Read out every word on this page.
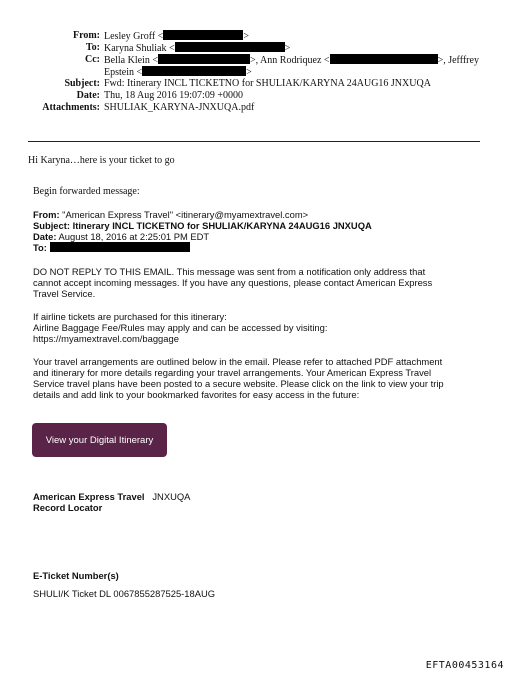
From: Lesley Groff <	>
To: Karyna Shuliak <	>
Cc: Bella Klein <	>, Ann Rodriquez <	>, Jefffrey
Epstein <	>
Subject: Fwd: Itinerary INCL TICKETNO for SHULIAK/KARYNA 24AUG16 JNXUQA
Date: Thu, 18 Aug 2016 19:07:09 +0000
Attachments: SHULIAK_KARYNA-JNXUQA.pdf
Hi Karyna…here is your ticket to go
Begin forwarded message:
From: "American Express Travel" <itinerary@myamextravel.com>
Subject: Itinerary INCL TICKETNO for SHULIAK/KARYNA 24AUG16 JNXUQA
Date: August 18, 2016 at 2:25:01 PM EDT
To:
DO NOT REPLY TO THIS EMAIL. This message was sent from a notification only address that
cannot accept incoming messages. If you have any questions, please contact American Express
Travel Service.
If airline tickets are purchased for this itinerary:
Airline Baggage Fee/Rules may apply and can be accessed by visiting:
https://myamextravel.com/baggage
Your travel arrangements are outlined below in the email. Please refer to attached PDF attachment
and itinerary for more details regarding your travel arrangements. Your American Express Travel
Service travel plans have been posted to a secure website. Please click on the link to view your trip
details and add link to your bookmarked favorites for easy access in the future:
View your Digital Itinerary
American Express Travel JNXUQA
Record Locator
E-Ticket Number(s)
SHULI/K Ticket DL 0067855287525-18AUG
EFTA00453164
